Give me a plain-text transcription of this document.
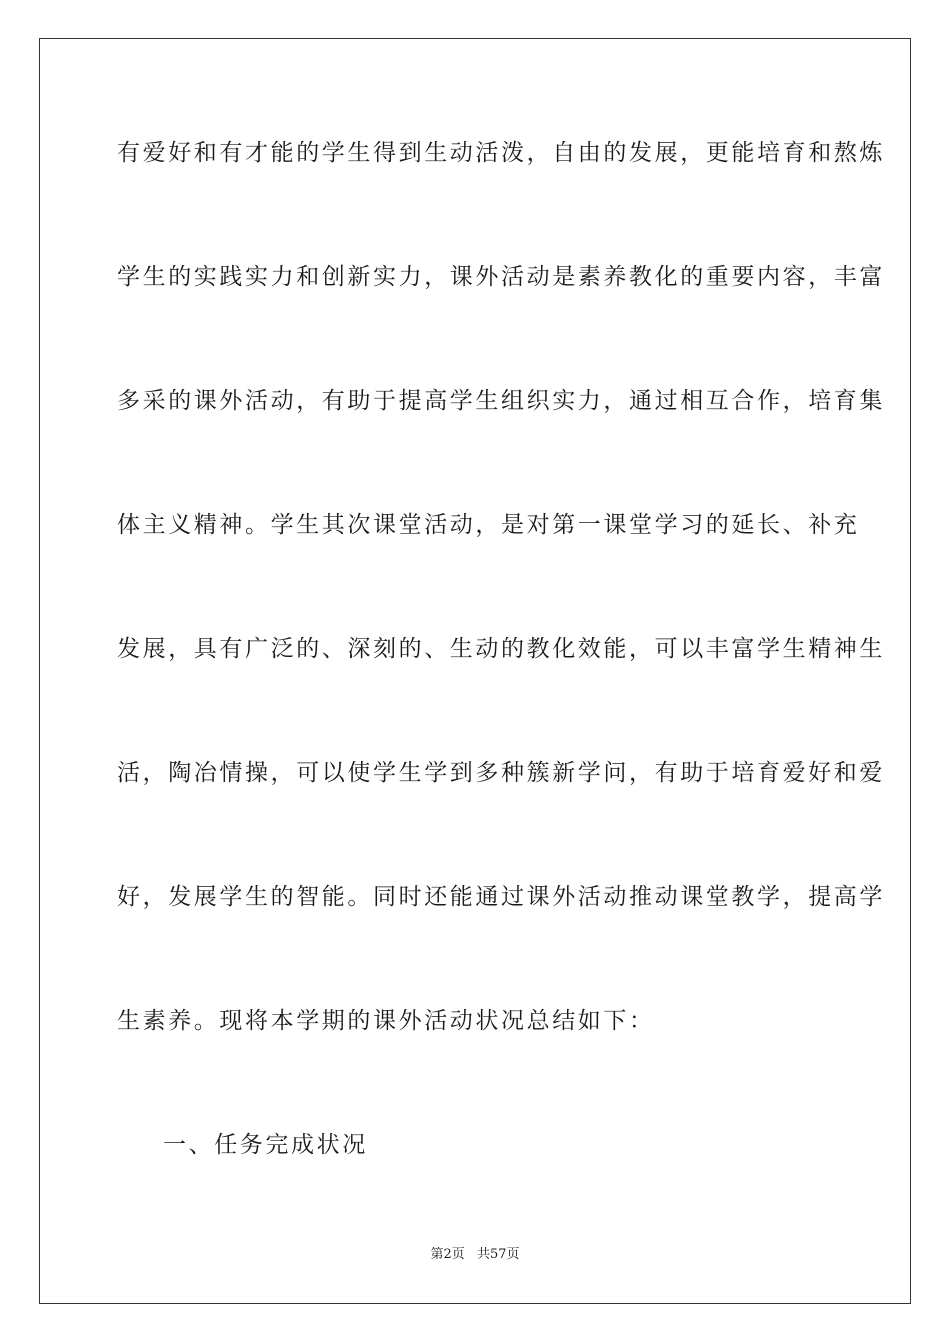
有爱好和有才能的学生得到生动活泼，自由的发展，更能培育和熬炼
学生的实践实力和创新实力，课外活动是素养教化的重要内容，丰富
多采的课外活动，有助于提高学生组织实力，通过相互合作，培育集
体主义精神。学生其次课堂活动，是对第一课堂学习的延长、补充
发展，具有广泛的、深刻的、生动的教化效能，可以丰富学生精神生
活，陶冶情操，可以使学生学到多种簇新学问，有助于培育爱好和爱
好，发展学生的智能。同时还能通过课外活动推动课堂教学，提高学
生素养。现将本学期的课外活动状况总结如下：
一、任务完成状况
第2页 共57页
